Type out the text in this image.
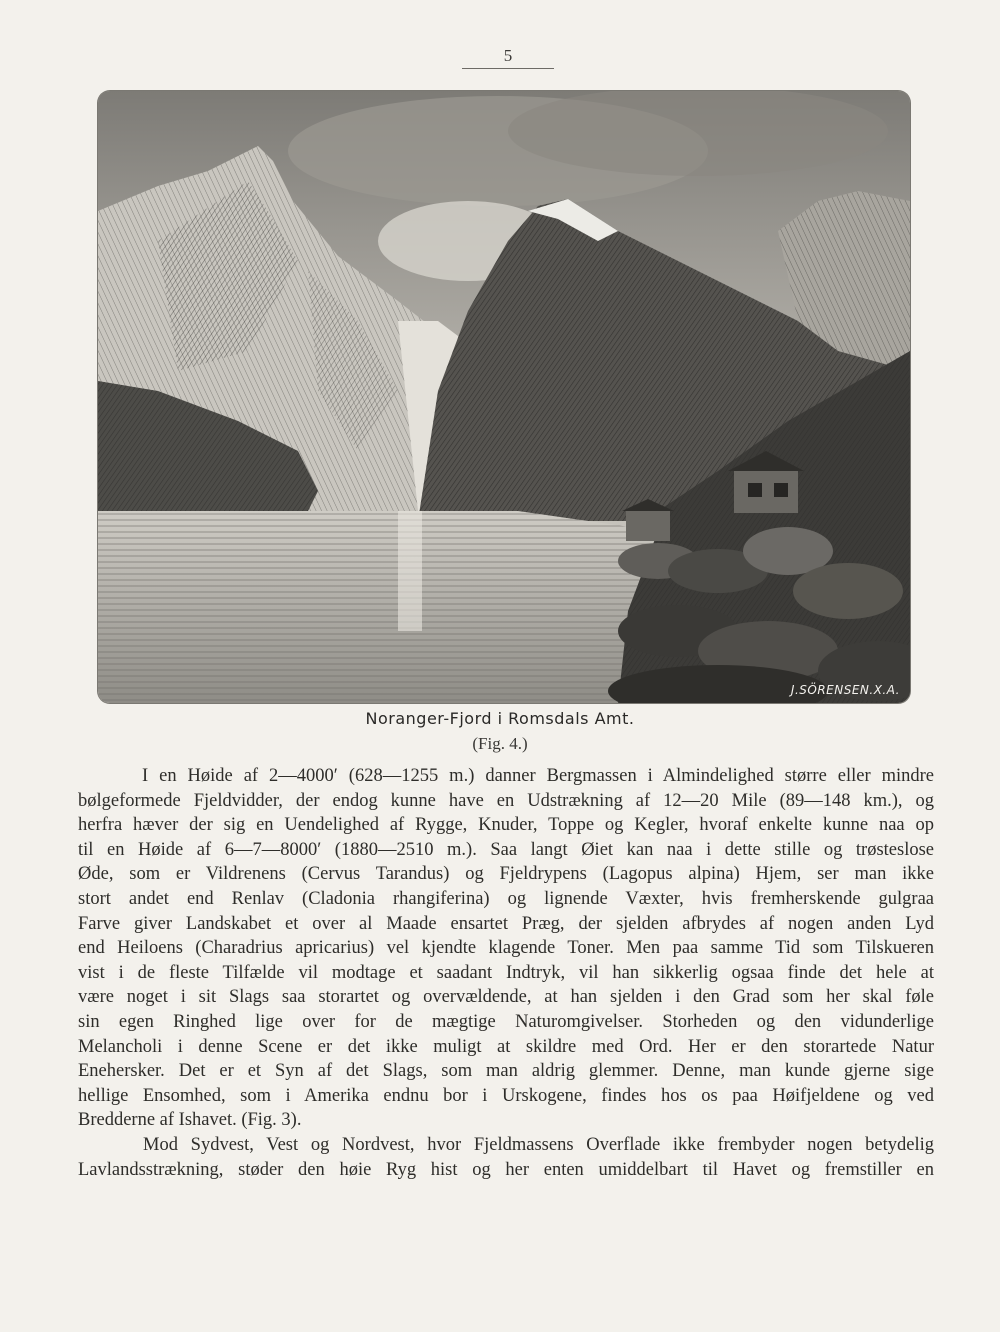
5
J.SÖRENSEN.X.A.
Noranger-Fjord i Romsdals Amt.
(Fig. 4.)
I en Høide af 2—4000′ (628—1255 m.) danner Bergmassen i Almindelighed større eller mindre
bølgeformede Fjeldvidder, der endog kunne have en Udstrækning af 12—20 Mile (89—148 km.), og
herfra hæver der sig en Uendelighed af Rygge, Knuder, Toppe og Kegler, hvoraf enkelte kunne naa op
til en Høide af 6—7—8000′ (1880—2510 m.). Saa langt Øiet kan naa i dette stille og trøsteslose
Øde, som er Vildrenens (Cervus Tarandus) og Fjeldrypens (Lagopus alpina) Hjem, ser man ikke
stort andet end Renlav (Cladonia rhangiferina) og lignende Væxter, hvis fremherskende gulgraa
Farve giver Landskabet et over al Maade ensartet Præg, der sjelden afbrydes af nogen anden Lyd
end Heiloens (Charadrius apricarius) vel kjendte klagende Toner. Men paa samme Tid som Tilskueren
vist i de fleste Tilfælde vil modtage et saadant Indtryk, vil han sikkerlig ogsaa finde det hele at
være noget i sit Slags saa storartet og overvældende, at han sjelden i den Grad som her skal føle
sin egen Ringhed lige over for de mægtige Naturomgivelser. Storheden og den vidunderlige
Melancholi i denne Scene er det ikke muligt at skildre med Ord. Her er den storartede Natur
Enehersker. Det er et Syn af det Slags, som man aldrig glemmer. Denne, man kunde gjerne sige
hellige Ensomhed, som i Amerika endnu bor i Urskogene, findes hos os paa Høifjeldene og ved
Bredderne af Ishavet. (Fig. 3).
Mod Sydvest, Vest og Nordvest, hvor Fjeldmassens Overflade ikke frembyder nogen betydelig
Lavlandsstrækning, støder den høie Ryg hist og her enten umiddelbart til Havet og fremstiller en
